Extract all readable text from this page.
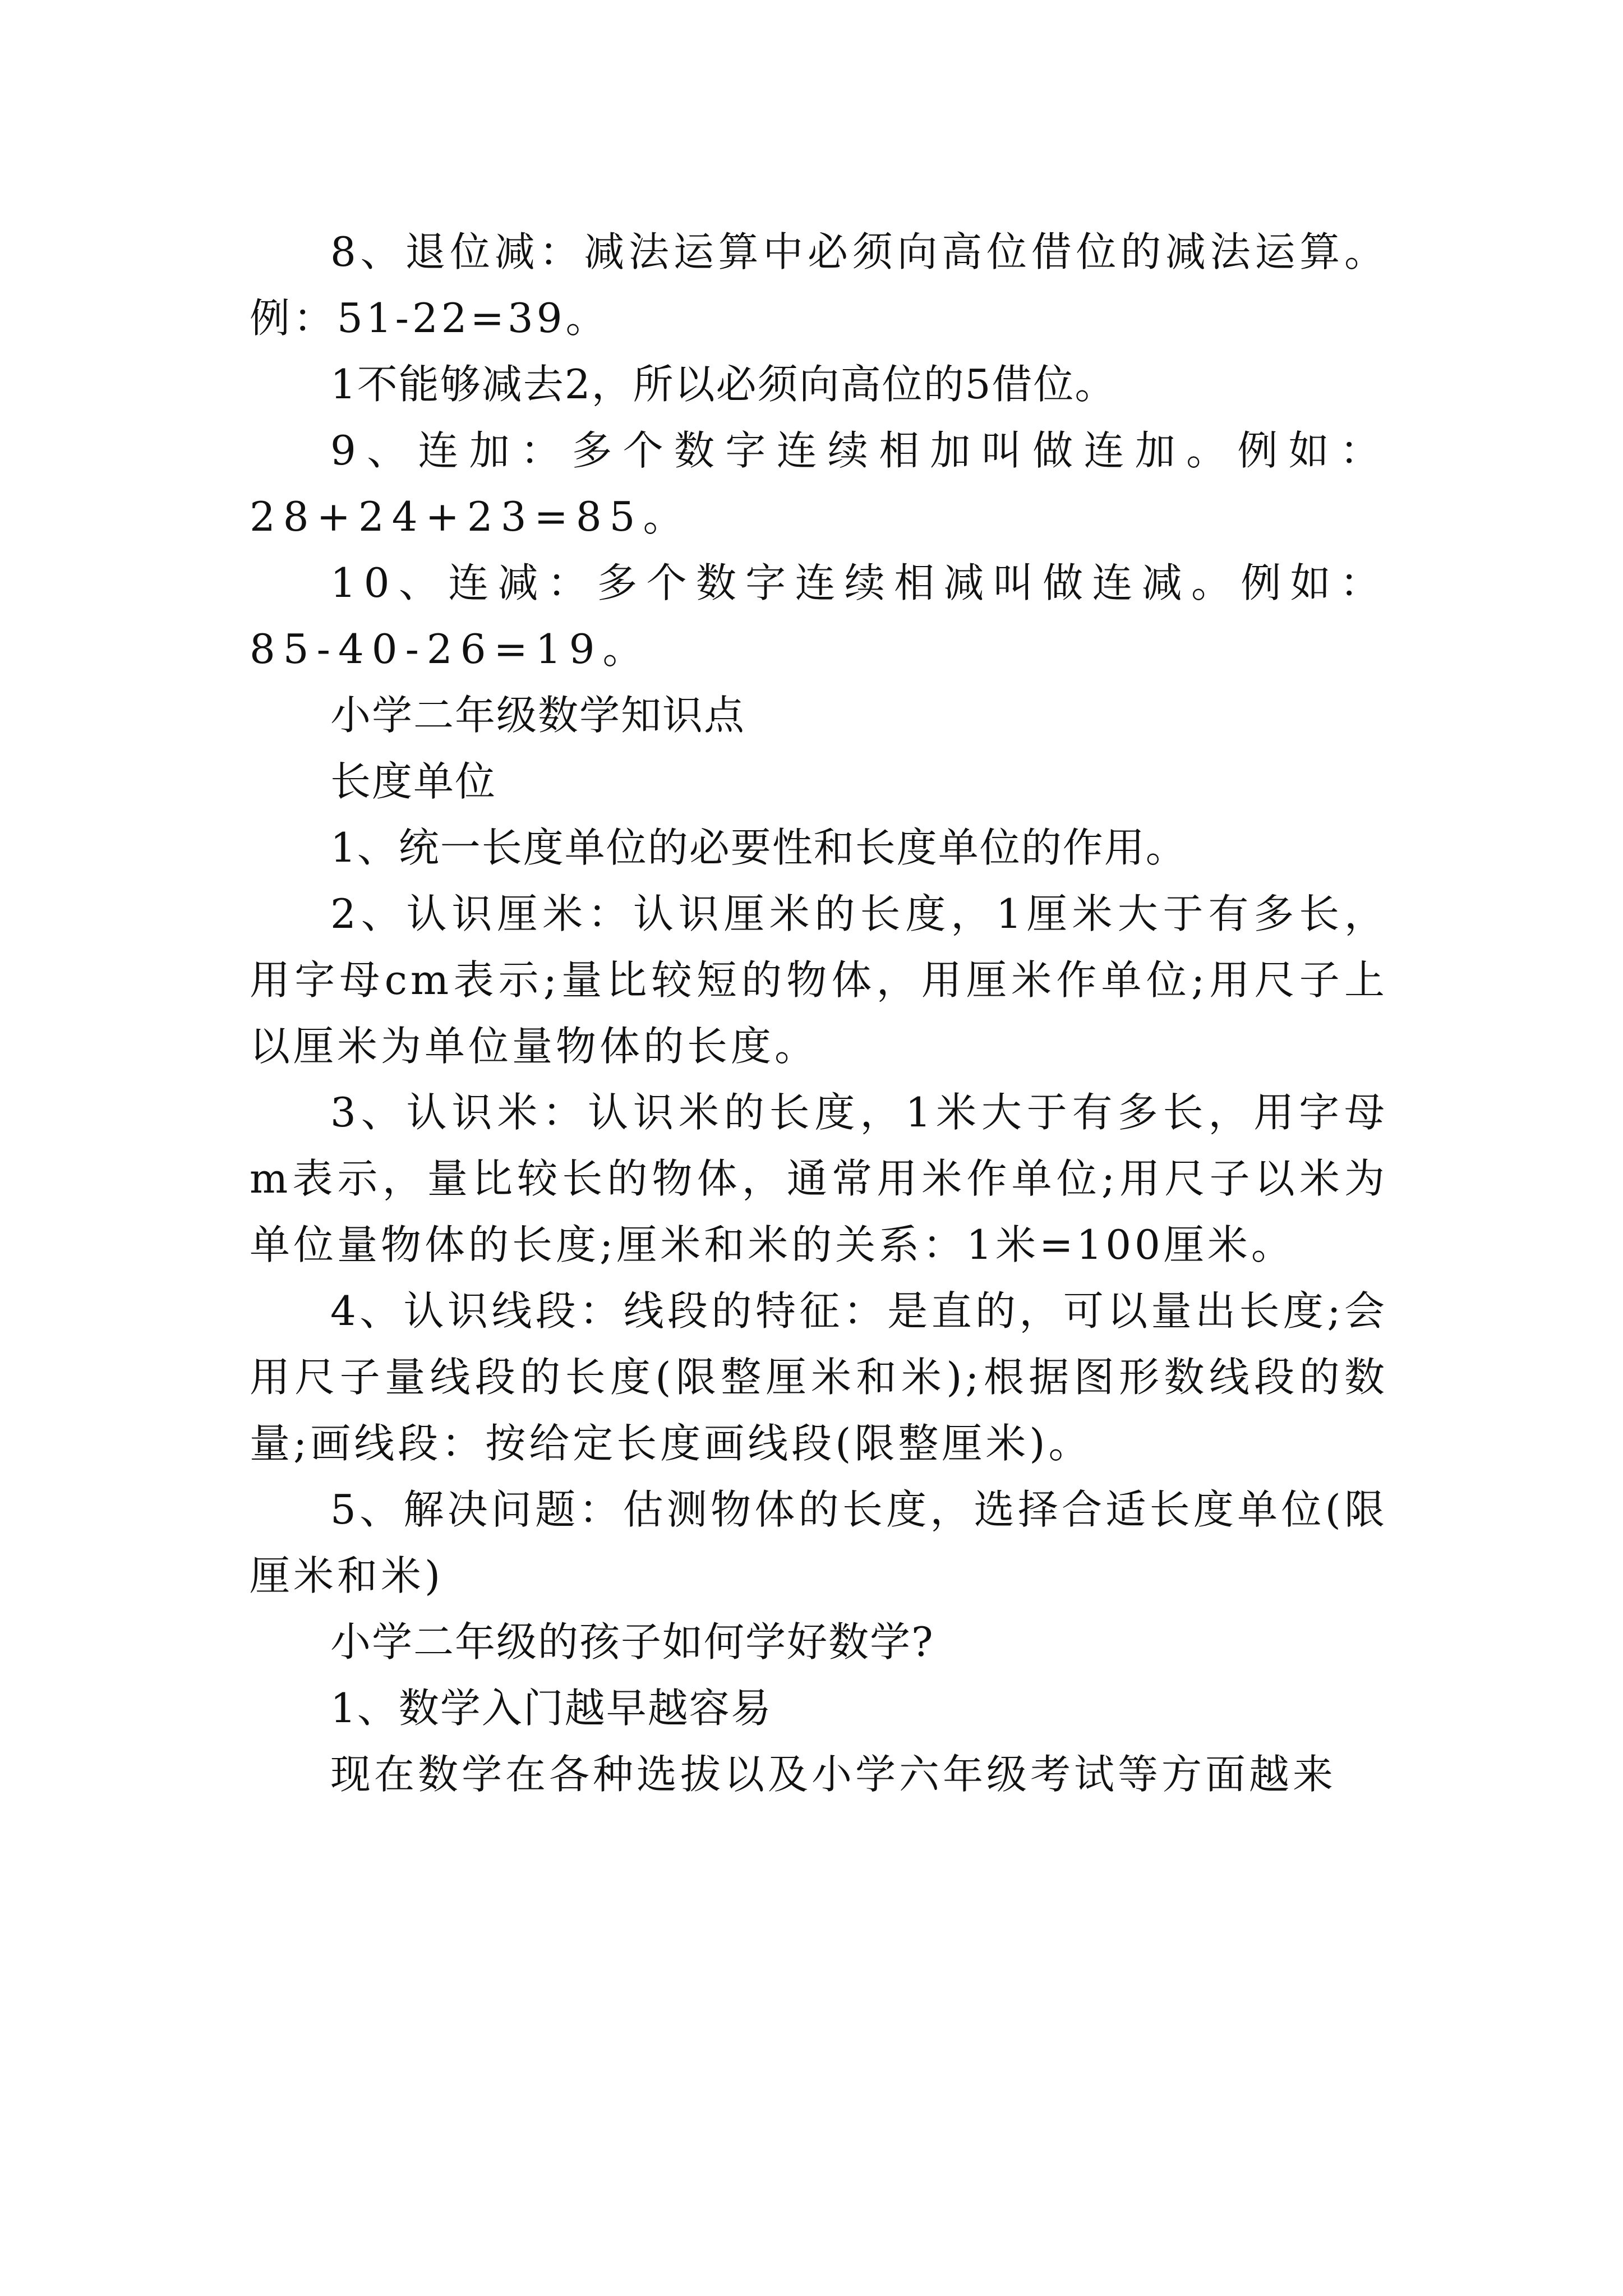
8、退位减：减法运算中必须向高位借位的减法运算。例：51-22=39。

1不能够减去2，所以必须向高位的5借位。

9、连加：多个数字连续相加叫做连加。例如：28+24+23=85。

10、连减：多个数字连续相减叫做连减。例如：85-40-26=19。

小学二年级数学知识点

长度单位

1、统一长度单位的必要性和长度单位的作用。

2、认识厘米：认识厘米的长度，1厘米大于有多长，用字母cm表示;量比较短的物体，用厘米作单位;用尺子上以厘米为单位量物体的长度。

3、认识米：认识米的长度，1米大于有多长，用字母m表示，量比较长的物体，通常用米作单位;用尺子以米为单位量物体的长度;厘米和米的关系：1米=100厘米。

4、认识线段：线段的特征：是直的，可以量出长度;会用尺子量线段的长度(限整厘米和米);根据图形数线段的数量;画线段：按给定长度画线段(限整厘米)。

5、解决问题：估测物体的长度，选择合适长度单位(限厘米和米)

小学二年级的孩子如何学好数学?

1、数学入门越早越容易

现在数学在各种选拔以及小学六年级考试等方面越来
